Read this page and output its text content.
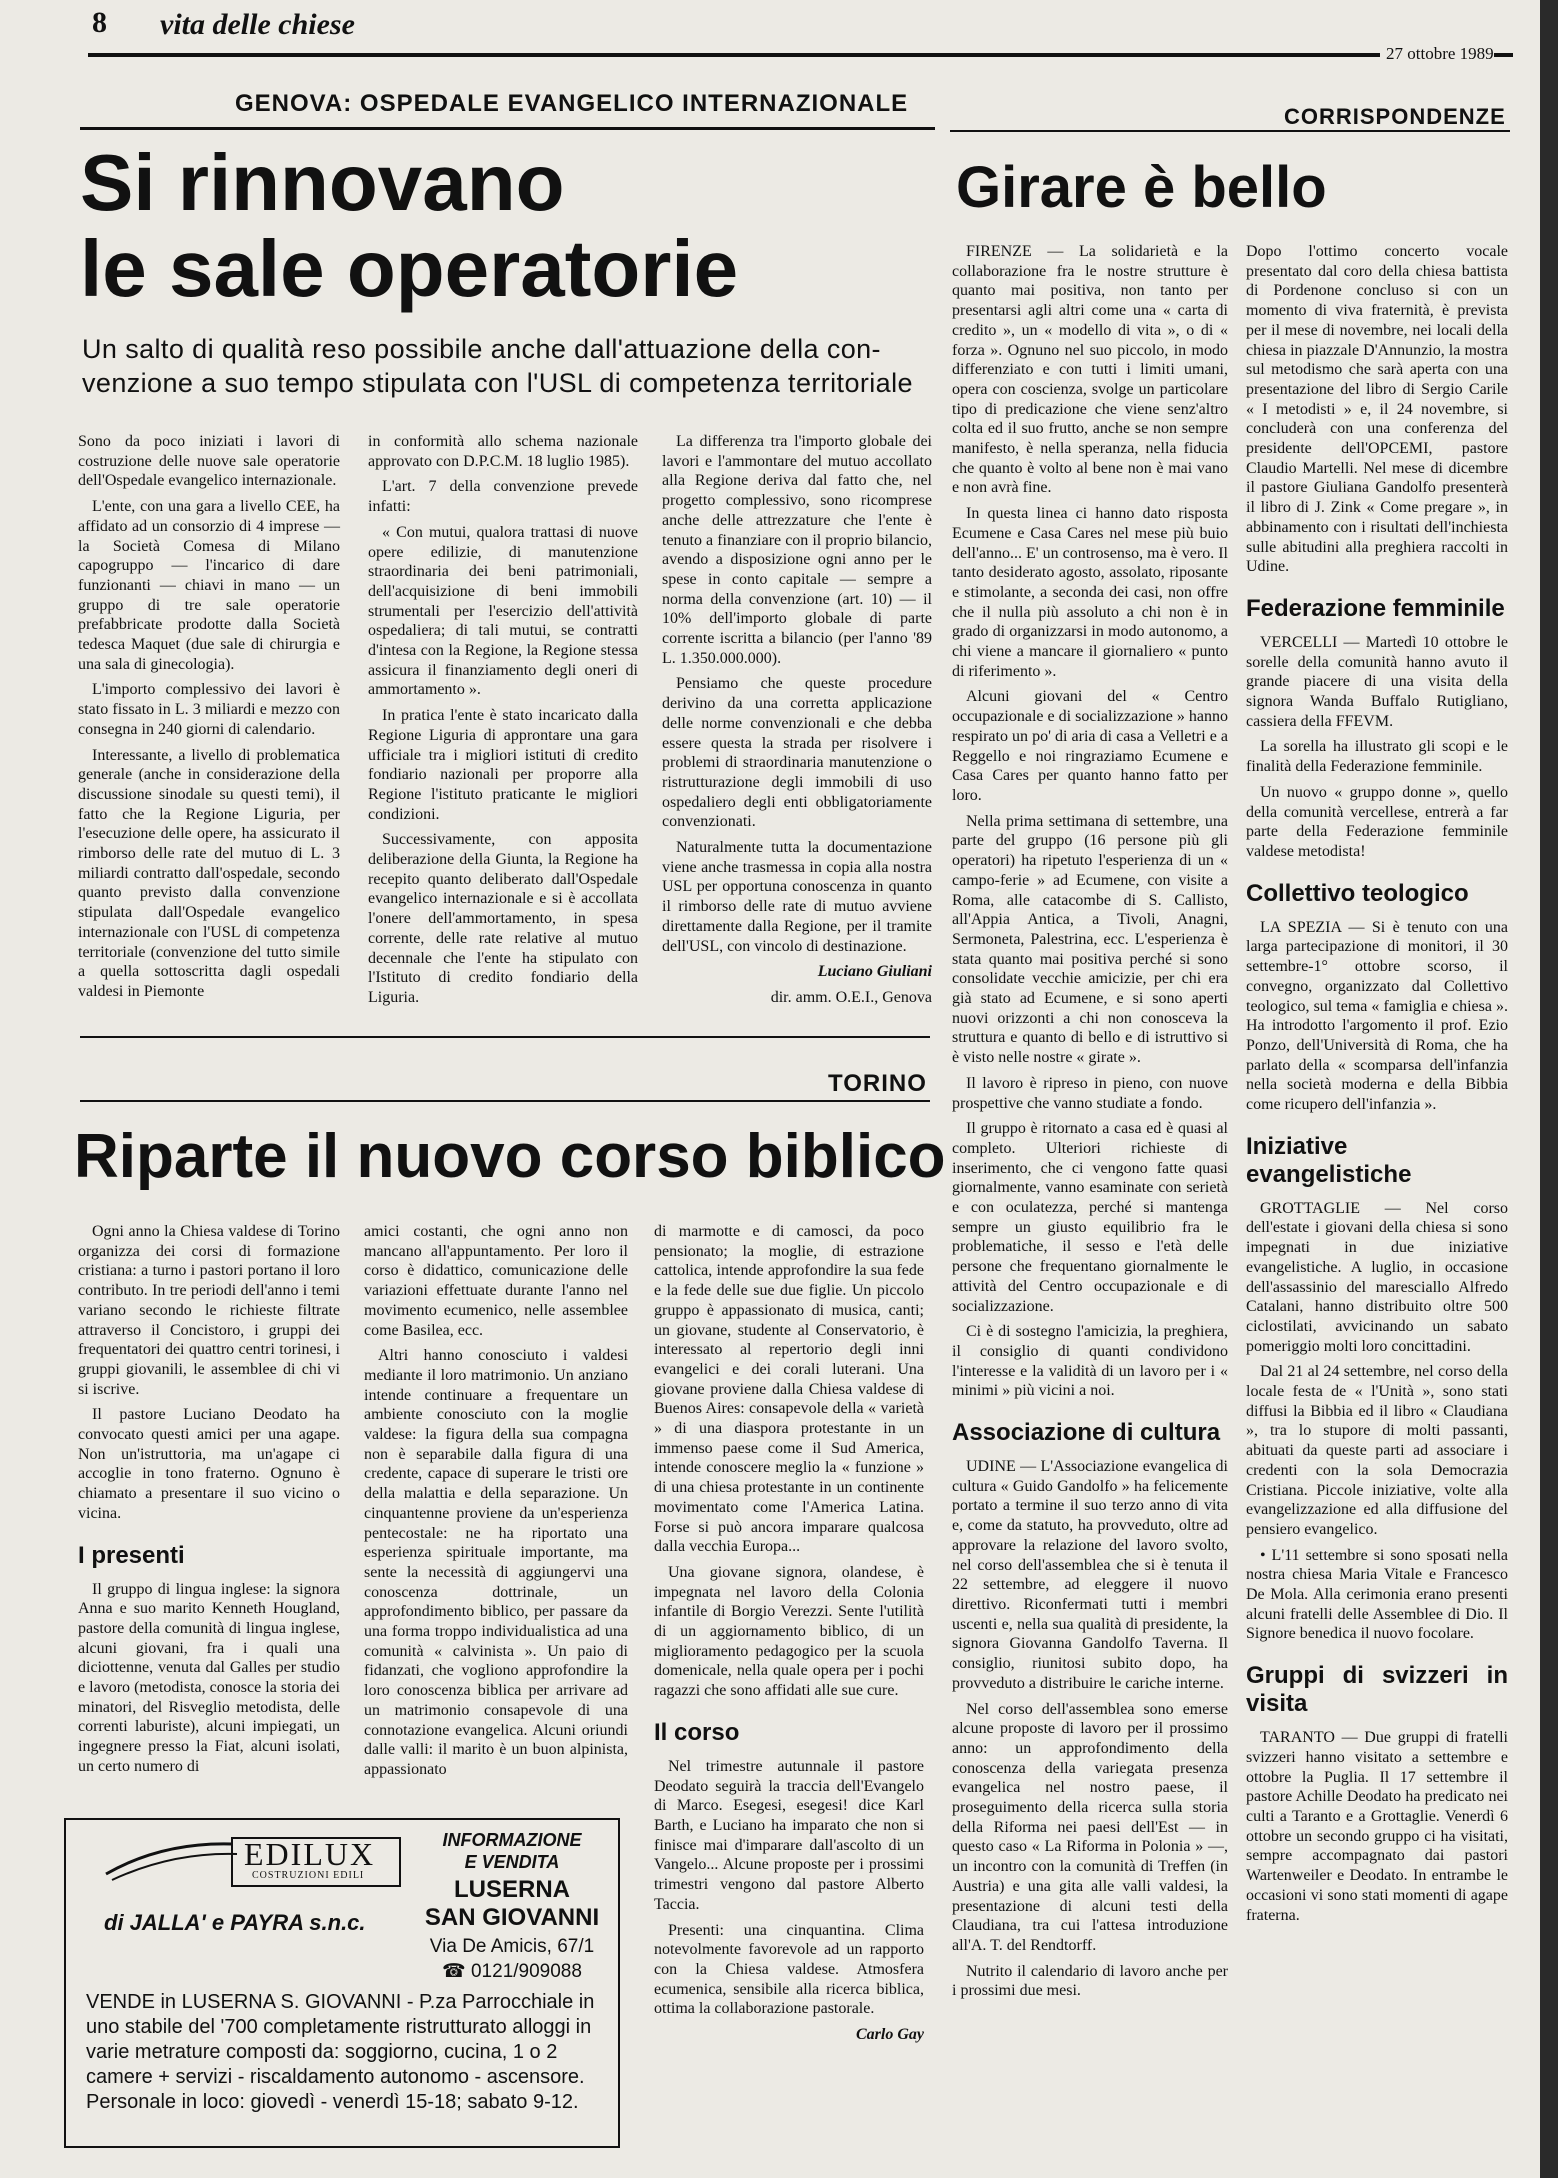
8 vita delle chiese
27 ottobre 1989
GENOVA: OSPEDALE EVANGELICO INTERNAZIONALE
Si rinnovano
le sale operatorie
Un salto di qualità reso possibile anche dall'attuazione della con-
venzione a suo tempo stipulata con l'USL di competenza territoriale

Sono da poco iniziati i lavori di costruzione delle nuove sale operatorie dell'Ospedale evangelico internazionale.

L'ente, con una gara a livello CEE, ha affidato ad un consorzio di 4 imprese — la Società Comesa di Milano capogruppo — l'incarico di dare funzionanti — chiavi in mano — un gruppo di tre sale operatorie prefabbricate prodotte dalla Società tedesca Maquet (due sale di chirurgia e una sala di ginecologia).

L'importo complessivo dei lavori è stato fissato in L. 3 miliardi e mezzo con consegna in 240 giorni di calendario.

Interessante, a livello di problematica generale (anche in considerazione della discussione sinodale su questi temi), il fatto che la Regione Liguria, per l'esecuzione delle opere, ha assicurato il rimborso delle rate del mutuo di L. 3 miliardi contratto dall'ospedale, secondo quanto previsto dalla convenzione stipulata dall'Ospedale evangelico internazionale con l'USL di competenza territoriale (convenzione del tutto simile a quella sottoscritta dagli ospedali valdesi in Piemonte

in conformità allo schema nazionale approvato con D.P.C.M. 18 luglio 1985).

L'art. 7 della convenzione prevede infatti:

« Con mutui, qualora trattasi di nuove opere edilizie, di manutenzione straordinaria dei beni patrimoniali, dell'acquisizione di beni immobili strumentali per l'esercizio dell'attività ospedaliera; di tali mutui, se contratti d'intesa con la Regione, la Regione stessa assicura il finanziamento degli oneri di ammortamento ».

In pratica l'ente è stato incaricato dalla Regione Liguria di approntare una gara ufficiale tra i migliori istituti di credito fondiario nazionali per proporre alla Regione l'istituto praticante le migliori condizioni.

Successivamente, con apposita deliberazione della Giunta, la Regione ha recepito quanto deliberato dall'Ospedale evangelico internazionale e si è accollata l'onere dell'ammortamento, in spesa corrente, delle rate relative al mutuo decennale che l'ente ha stipulato con l'Istituto di credito fondiario della Liguria.

La differenza tra l'importo globale dei lavori e l'ammontare del mutuo accollato alla Regione deriva dal fatto che, nel progetto complessivo, sono ricomprese anche delle attrezzature che l'ente è tenuto a finanziare con il proprio bilancio, avendo a disposizione ogni anno per le spese in conto capitale — sempre a norma della convenzione (art. 10) — il 10% dell'importo globale di parte corrente iscritta a bilancio (per l'anno '89 L. 1.350.000.000).

Pensiamo che queste procedure derivino da una corretta applicazione delle norme convenzionali e che debba essere questa la strada per risolvere i problemi di straordinaria manutenzione o ristrutturazione degli immobili di uso ospedaliero degli enti obbligatoriamente convenzionati.

Naturalmente tutta la documentazione viene anche trasmessa in copia alla nostra USL per opportuna conoscenza in quanto il rimborso delle rate di mutuo avviene direttamente dalla Regione, per il tramite dell'USL, con vincolo di destinazione.

Luciano Giuliani

dir. amm. O.E.I., Genova

TORINO
Riparte il nuovo corso biblico

Ogni anno la Chiesa valdese di Torino organizza dei corsi di formazione cristiana: a turno i pastori portano il loro contributo. In tre periodi dell'anno i temi variano secondo le richieste filtrate attraverso il Concistoro, i gruppi dei frequentatori dei quattro centri torinesi, i gruppi giovanili, le assemblee di chi vi si iscrive.

Il pastore Luciano Deodato ha convocato questi amici per una agape. Non un'istruttoria, ma un'agape ci accoglie in tono fraterno. Ognuno è chiamato a presentare il suo vicino o vicina.

I presenti

Il gruppo di lingua inglese: la signora Anna e suo marito Kenneth Hougland, pastore della comunità di lingua inglese, alcuni giovani, fra i quali una diciottenne, venuta dal Galles per studio e lavoro (metodista, conosce la storia dei minatori, del Risveglio metodista, delle correnti laburiste), alcuni impiegati, un ingegnere presso la Fiat, alcuni isolati, un certo numero di

amici costanti, che ogni anno non mancano all'appuntamento. Per loro il corso è didattico, comunicazione delle variazioni effettuate durante l'anno nel movimento ecumenico, nelle assemblee come Basilea, ecc.

Altri hanno conosciuto i valdesi mediante il loro matrimonio. Un anziano intende continuare a frequentare un ambiente conosciuto con la moglie valdese: la figura della sua compagna non è separabile dalla figura di una credente, capace di superare le tristi ore della malattia e della separazione. Un cinquantenne proviene da un'esperienza pentecostale: ne ha riportato una esperienza spirituale importante, ma sente la necessità di aggiungervi una conoscenza dottrinale, un approfondimento biblico, per passare da una forma troppo individualistica ad una comunità « calvinista ». Un paio di fidanzati, che vogliono approfondire la loro conoscenza biblica per arrivare ad un matrimonio consapevole di una connotazione evangelica. Alcuni oriundi dalle valli: il marito è un buon alpinista, appassionato

di marmotte e di camosci, da poco pensionato; la moglie, di estrazione cattolica, intende approfondire la sua fede e la fede delle sue due figlie. Un piccolo gruppo è appassionato di musica, canti; un giovane, studente al Conservatorio, è interessato al repertorio degli inni evangelici e dei corali luterani. Una giovane proviene dalla Chiesa valdese di Buenos Aires: consapevole della « varietà » di una diaspora protestante in un immenso paese come il Sud America, intende conoscere meglio la « funzione » di una chiesa protestante in un continente movimentato come l'America Latina. Forse si può ancora imparare qualcosa dalla vecchia Europa...

Una giovane signora, olandese, è impegnata nel lavoro della Colonia infantile di Borgio Verezzi. Sente l'utilità di un aggiornamento biblico, di un miglioramento pedagogico per la scuola domenicale, nella quale opera per i pochi ragazzi che sono affidati alle sue cure.

Il corso

Nel trimestre autunnale il pastore Deodato seguirà la traccia dell'Evangelo di Marco. Esegesi, esegesi! dice Karl Barth, e Luciano ha imparato che non si finisce mai d'imparare dall'ascolto di un Vangelo... Alcune proposte per i prossimi trimestri vengono dal pastore Alberto Taccia.

Presenti: una cinquantina. Clima notevolmente favorevole ad un rapporto con la Chiesa valdese. Atmosfera ecumenica, sensibile alla ricerca biblica, ottima la collaborazione pastorale.

Carlo Gay

EDILUX
COSTRUZIONI EDILI
di JALLA' e PAYRA s.n.c.
INFORMAZIONE
E VENDITA
LUSERNA
SAN GIOVANNI
Via De Amicis, 67/1
☎ 0121/909088
VENDE in LUSERNA S. GIOVANNI - P.za Parrocchiale in uno stabile del '700 completamente ristrutturato alloggi in varie metrature composti da: soggiorno, cucina, 1 o 2 camere + servizi - riscaldamento autonomo - ascensore. Personale in loco: giovedì - venerdì 15-18; sabato 9-12.
CORRISPONDENZE
Girare è bello

FIRENZE — La solidarietà e la collaborazione fra le nostre strutture è quanto mai positiva, non tanto per presentarsi agli altri come una « carta di credito », un « modello di vita », o di « forza ». Ognuno nel suo piccolo, in modo differenziato e con tutti i limiti umani, opera con coscienza, svolge un particolare tipo di predicazione che viene senz'altro colta ed il suo frutto, anche se non sempre manifesto, è nella speranza, nella fiducia che quanto è volto al bene non è mai vano e non avrà fine.

In questa linea ci hanno dato risposta Ecumene e Casa Cares nel mese più buio dell'anno... E' un controsenso, ma è vero. Il tanto desiderato agosto, assolato, riposante e stimolante, a seconda dei casi, non offre che il nulla più assoluto a chi non è in grado di organizzarsi in modo autonomo, a chi viene a mancare il giornaliero « punto di riferimento ».

Alcuni giovani del « Centro occupazionale e di socializzazione » hanno respirato un po' di aria di casa a Velletri e a Reggello e noi ringraziamo Ecumene e Casa Cares per quanto hanno fatto per loro.

Nella prima settimana di settembre, una parte del gruppo (16 persone più gli operatori) ha ripetuto l'esperienza di un « campo-ferie » ad Ecumene, con visite a Roma, alle catacombe di S. Callisto, all'Appia Antica, a Tivoli, Anagni, Sermoneta, Palestrina, ecc. L'esperienza è stata quanto mai positiva perché si sono consolidate vecchie amicizie, per chi era già stato ad Ecumene, e si sono aperti nuovi orizzonti a chi non conosceva la struttura e quanto di bello e di istruttivo si è visto nelle nostre « girate ».

Il lavoro è ripreso in pieno, con nuove prospettive che vanno studiate a fondo.

Il gruppo è ritornato a casa ed è quasi al completo. Ulteriori richieste di inserimento, che ci vengono fatte quasi giornalmente, vanno esaminate con serietà e con oculatezza, perché si mantenga sempre un giusto equilibrio fra le problematiche, il sesso e l'età delle persone che frequentano giornalmente le attività del Centro occupazionale e di socializzazione.

Ci è di sostegno l'amicizia, la preghiera, il consiglio di quanti condividono l'interesse e la validità di un lavoro per i « minimi » più vicini a noi.

Associazione di cultura

UDINE — L'Associazione evangelica di cultura « Guido Gandolfo » ha felicemente portato a termine il suo terzo anno di vita e, come da statuto, ha provveduto, oltre ad approvare la relazione del lavoro svolto, nel corso dell'assemblea che si è tenuta il 22 settembre, ad eleggere il nuovo direttivo. Riconfermati tutti i membri uscenti e, nella sua qualità di presidente, la signora Giovanna Gandolfo Taverna. Il consiglio, riunitosi subito dopo, ha provveduto a distribuire le cariche interne.

Nel corso dell'assemblea sono emerse alcune proposte di lavoro per il prossimo anno: un approfondimento della conoscenza della variegata presenza evangelica nel nostro paese, il proseguimento della ricerca sulla storia della Riforma nei paesi dell'Est — in questo caso « La Riforma in Polonia » —, un incontro con la comunità di Treffen (in Austria) e una gita alle valli valdesi, la presentazione di alcuni testi della Claudiana, tra cui l'attesa introduzione all'A. T. del Rendtorff.

Nutrito il calendario di lavoro anche per i prossimi due mesi.

Dopo l'ottimo concerto vocale presentato dal coro della chiesa battista di Pordenone concluso si con un momento di viva fraternità, è prevista per il mese di novembre, nei locali della chiesa in piazzale D'Annunzio, la mostra sul metodismo che sarà aperta con una presentazione del libro di Sergio Carile « I metodisti » e, il 24 novembre, si concluderà con una conferenza del presidente dell'OPCEMI, pastore Claudio Martelli. Nel mese di dicembre il pastore Giuliana Gandolfo presenterà il libro di J. Zink « Come pregare », in abbinamento con i risultati dell'inchiesta sulle abitudini alla preghiera raccolti in Udine.

Federazione femminile

VERCELLI — Martedì 10 ottobre le sorelle della comunità hanno avuto il grande piacere di una visita della signora Wanda Buffalo Rutigliano, cassiera della FFEVM.

La sorella ha illustrato gli scopi e le finalità della Federazione femminile.

Un nuovo « gruppo donne », quello della comunità vercellese, entrerà a far parte della Federazione femminile valdese metodista!

Collettivo teologico

LA SPEZIA — Si è tenuto con una larga partecipazione di monitori, il 30 settembre-1° ottobre scorso, il convegno, organizzato dal Collettivo teologico, sul tema « famiglia e chiesa ». Ha introdotto l'argomento il prof. Ezio Ponzo, dell'Università di Roma, che ha parlato della « scomparsa dell'infanzia nella società moderna e della Bibbia come ricupero dell'infanzia ».

Iniziative evangelistiche

GROTTAGLIE — Nel corso dell'estate i giovani della chiesa si sono impegnati in due iniziative evangelistiche. A luglio, in occasione dell'assassinio del maresciallo Alfredo Catalani, hanno distribuito oltre 500 ciclostilati, avvicinando un sabato pomeriggio molti loro concittadini.

Dal 21 al 24 settembre, nel corso della locale festa de « l'Unità », sono stati diffusi la Bibbia ed il libro « Claudiana », tra lo stupore di molti passanti, abituati da queste parti ad associare i credenti con la sola Democrazia Cristiana. Piccole iniziative, volte alla evangelizzazione ed alla diffusione del pensiero evangelico.

• L'11 settembre si sono sposati nella nostra chiesa Maria Vitale e Francesco De Mola. Alla cerimonia erano presenti alcuni fratelli delle Assemblee di Dio. Il Signore benedica il nuovo focolare.

Gruppi di svizzeri in visita

TARANTO — Due gruppi di fratelli svizzeri hanno visitato a settembre e ottobre la Puglia. Il 17 settembre il pastore Achille Deodato ha predicato nei culti a Taranto e a Grottaglie. Venerdì 6 ottobre un secondo gruppo ci ha visitati, sempre accompagnato dai pastori Wartenweiler e Deodato. In entrambe le occasioni vi sono stati momenti di agape fraterna.
